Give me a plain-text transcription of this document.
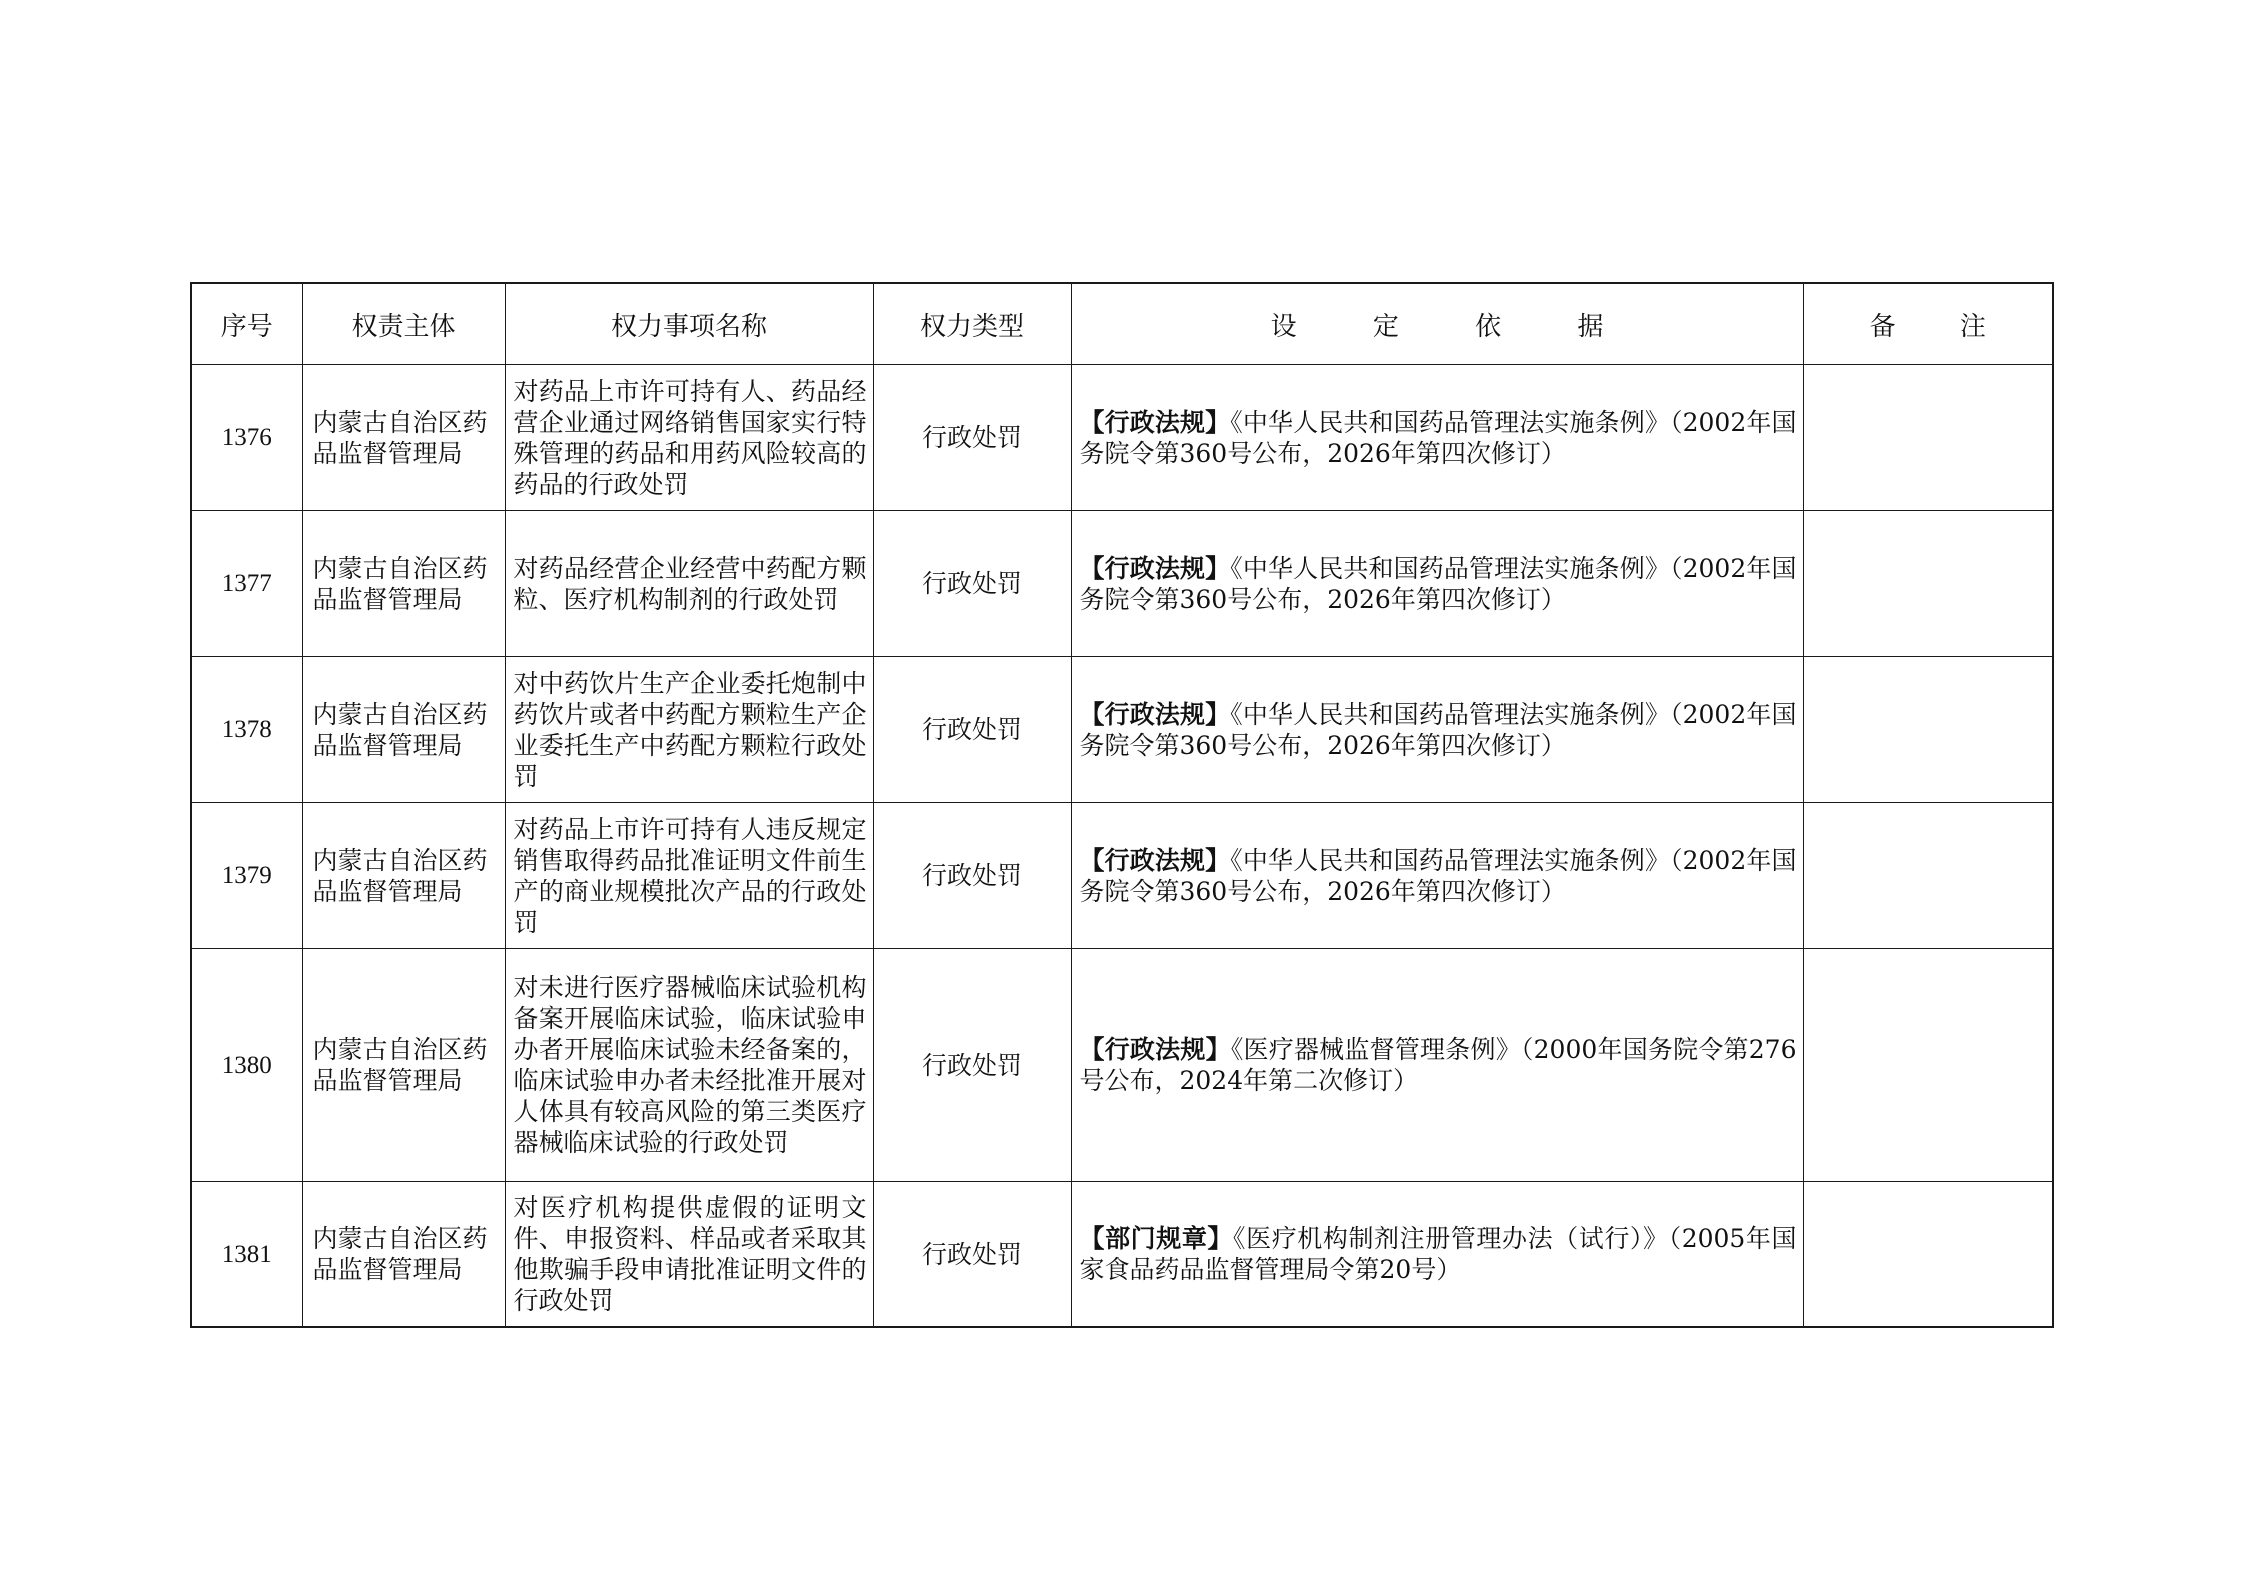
序号	权责主体	权力事项名称	权力类型	设 定 依 据	备 注
1376	内蒙古自治区药品监督管理局	对药品上市许可持有人、药品经营企业通过网络销售国家实行特殊管理的药品和用药风险较高的药品的行政处罚	行政处罚	【行政法规】《中华人民共和国药品管理法实施条例》（2002年国务院令第360号公布，2026年第四次修订）	
1377	内蒙古自治区药品监督管理局	对药品经营企业经营中药配方颗粒、医疗机构制剂的行政处罚	行政处罚	【行政法规】《中华人民共和国药品管理法实施条例》（2002年国务院令第360号公布，2026年第四次修订）	
1378	内蒙古自治区药品监督管理局	对中药饮片生产企业委托炮制中药饮片或者中药配方颗粒生产企业委托生产中药配方颗粒行政处罚	行政处罚	【行政法规】《中华人民共和国药品管理法实施条例》（2002年国务院令第360号公布，2026年第四次修订）	
1379	内蒙古自治区药品监督管理局	对药品上市许可持有人违反规定销售取得药品批准证明文件前生产的商业规模批次产品的行政处罚	行政处罚	【行政法规】《中华人民共和国药品管理法实施条例》（2002年国务院令第360号公布，2026年第四次修订）	
1380	内蒙古自治区药品监督管理局	对未进行医疗器械临床试验机构备案开展临床试验，临床试验申办者开展临床试验未经备案的，临床试验申办者未经批准开展对人体具有较高风险的第三类医疗器械临床试验的行政处罚	行政处罚	【行政法规】《医疗器械监督管理条例》（2000年国务院令第276号公布，2024年第二次修订）	
1381	内蒙古自治区药品监督管理局	对医疗机构提供虚假的证明文件、申报资料、样品或者采取其他欺骗手段申请批准证明文件的行政处罚	行政处罚	【部门规章】《医疗机构制剂注册管理办法（试行）》（2005年国家食品药品监督管理局令第20号）	
